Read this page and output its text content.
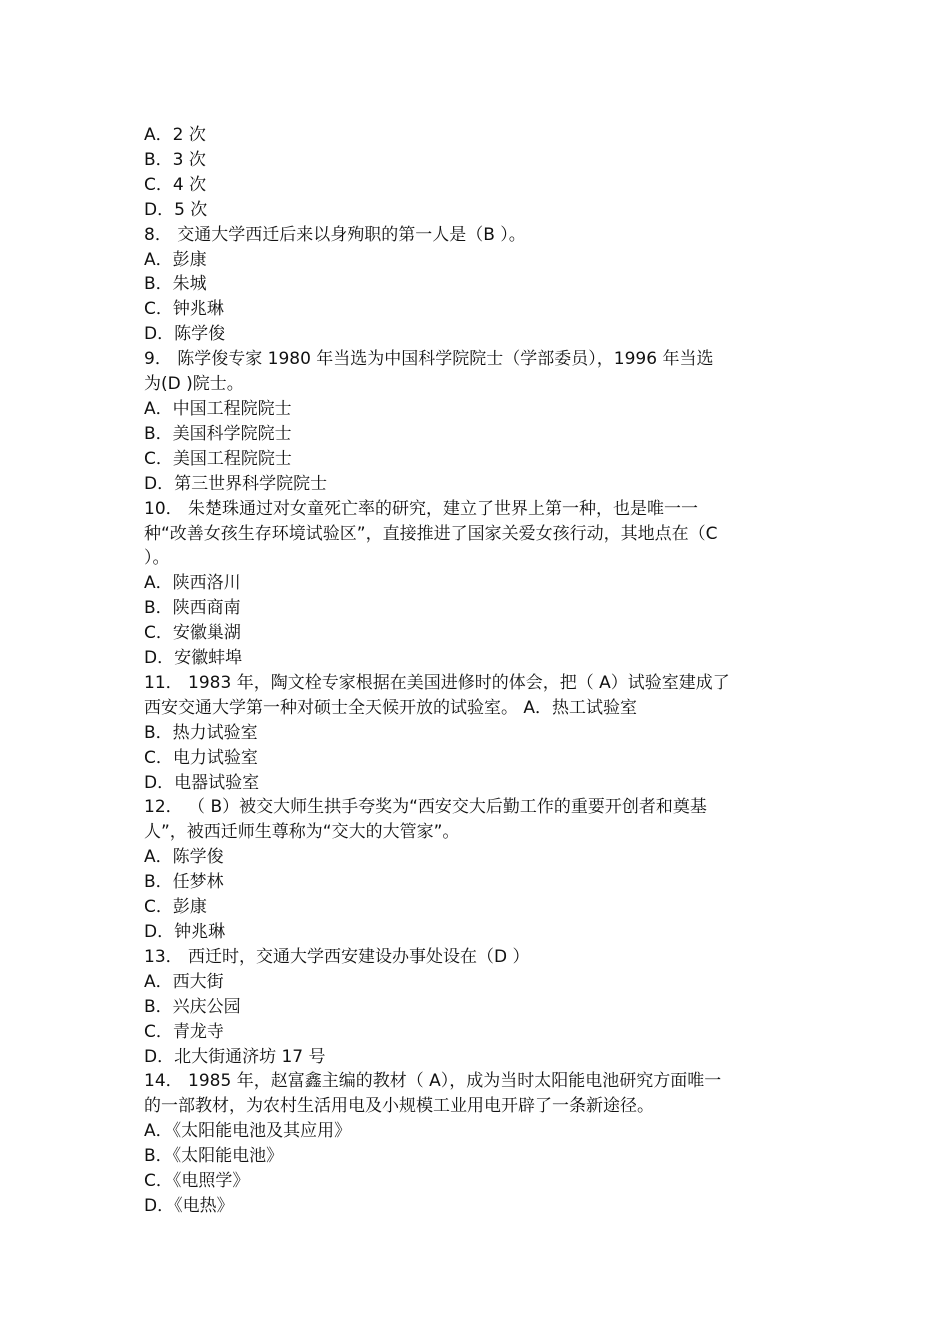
A．2 次
B．3 次
C．4 次
D．5 次
8． 交通大学西迁后来以身殉职的第一人是（B ）。
A．彭康
B．朱城
C．钟兆琳
D．陈学俊
9． 陈学俊专家 1980 年当选为中国科学院院士（学部委员），1996 年当选
为(D )院士。
A．中国工程院院士
B．美国科学院院士
C．美国工程院院士
D．第三世界科学院院士
10． 朱楚珠通过对女童死亡率的研究，建立了世界上第一种，也是唯一一
种“改善女孩生存环境试验区”，直接推进了国家关爱女孩行动，其地点在（C
）。
A．陕西洛川
B．陕西商南
C．安徽巢湖
D．安徽蚌埠
11． 1983 年，陶文栓专家根据在美国进修时的体会，把（ A）试验室建成了
西安交通大学第一种对硕士全天候开放的试验室。 A．热工试验室
B．热力试验室
C．电力试验室
D．电器试验室
12． （ B）被交大师生拱手夸奖为“西安交大后勤工作的重要开创者和奠基
人”，被西迁师生尊称为“交大的大管家”。
A．陈学俊
B．任梦林
C．彭康
D．钟兆琳
13． 西迁时，交通大学西安建设办事处设在（D ）
A．西大街
B．兴庆公园
C．青龙寺
D．北大街通济坊 17 号
14． 1985 年，赵富鑫主编的教材（ A），成为当时太阳能电池研究方面唯一
的一部教材，为农村生活用电及小规模工业用电开辟了一条新途径。
A．《太阳能电池及其应用》
B．《太阳能电池》
C．《电照学》
D．《电热》
